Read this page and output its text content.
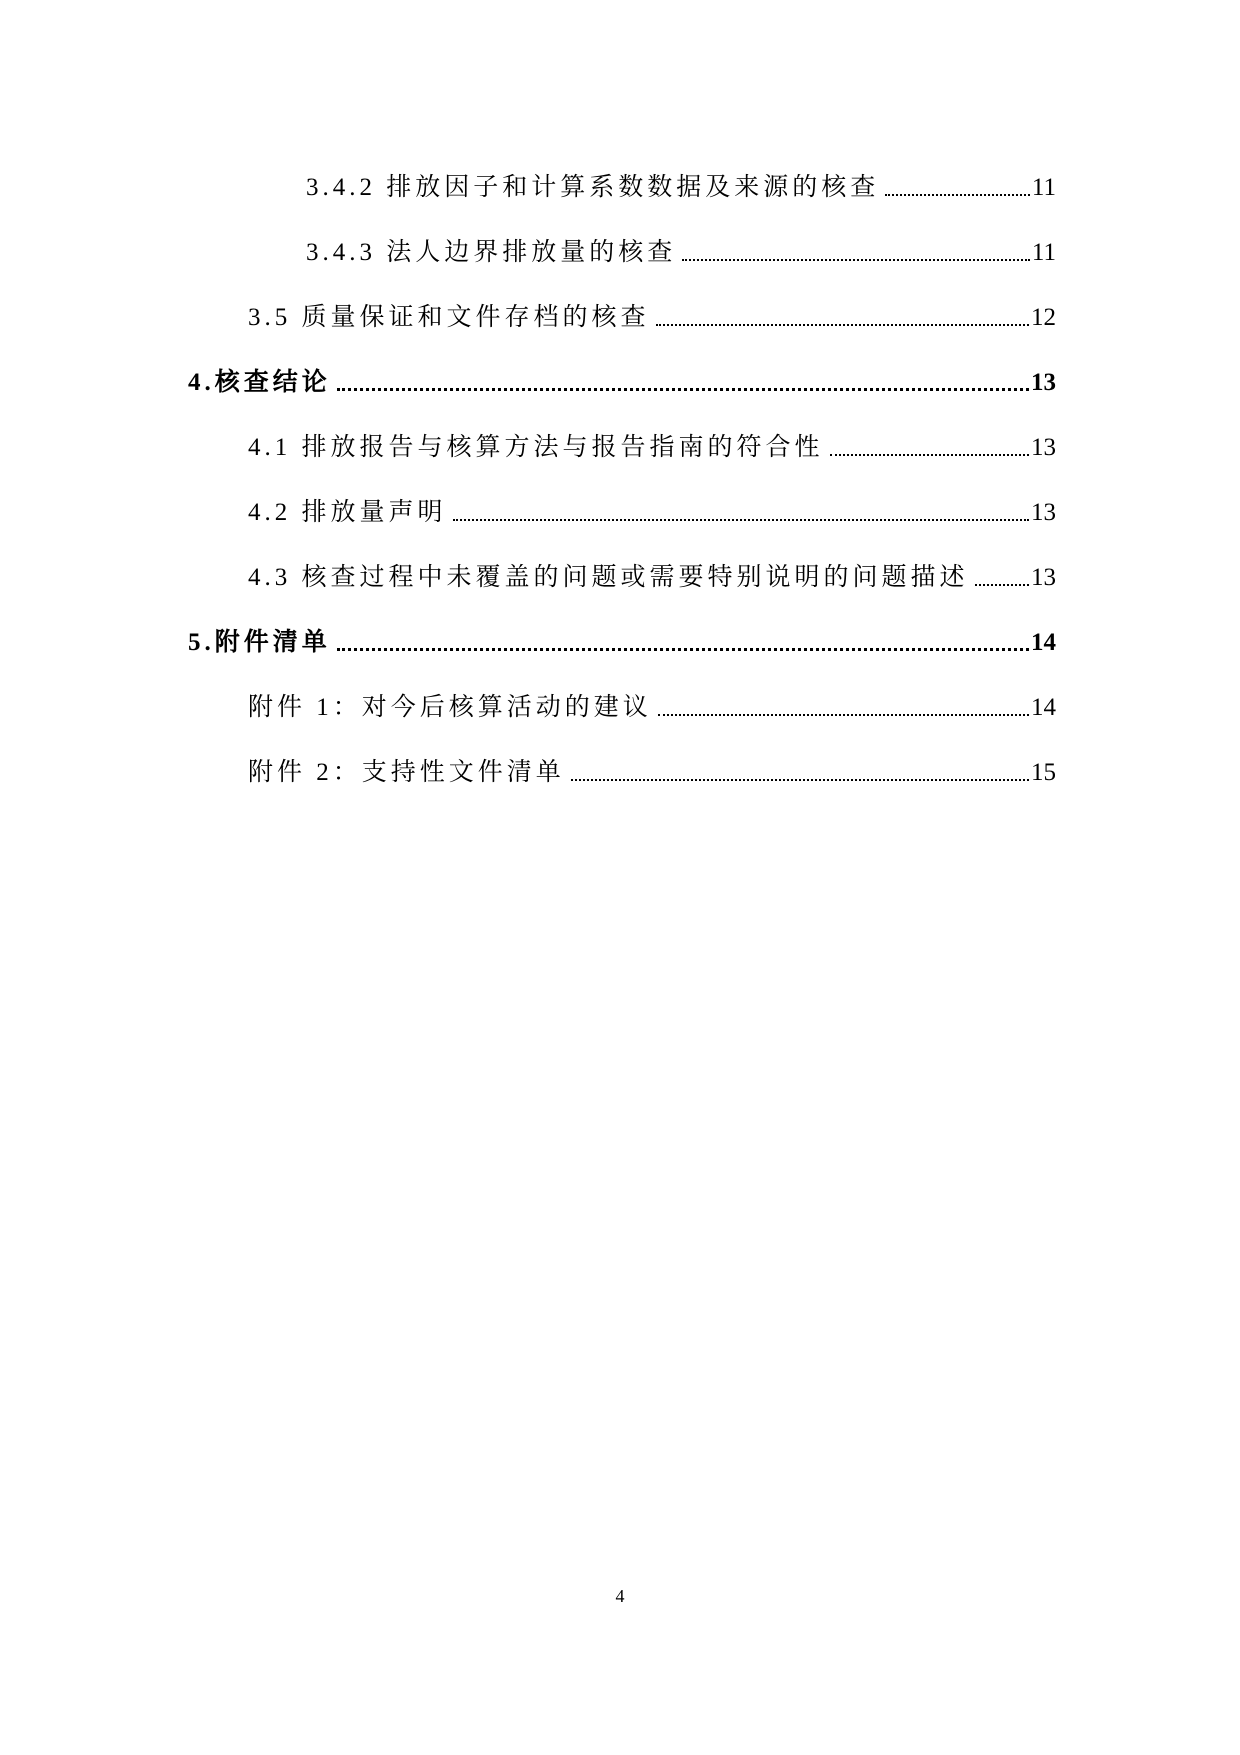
3.4.2 排放因子和计算系数数据及来源的核查	11
3.4.3 法人边界排放量的核查	11
3.5 质量保证和文件存档的核查	12
4.核查结论	13
4.1 排放报告与核算方法与报告指南的符合性	13
4.2 排放量声明	13
4.3 核查过程中未覆盖的问题或需要特别说明的问题描述 13
5.附件清单	14
附件 1：对今后核算活动的建议	14
附件 2：支持性文件清单	15
4
